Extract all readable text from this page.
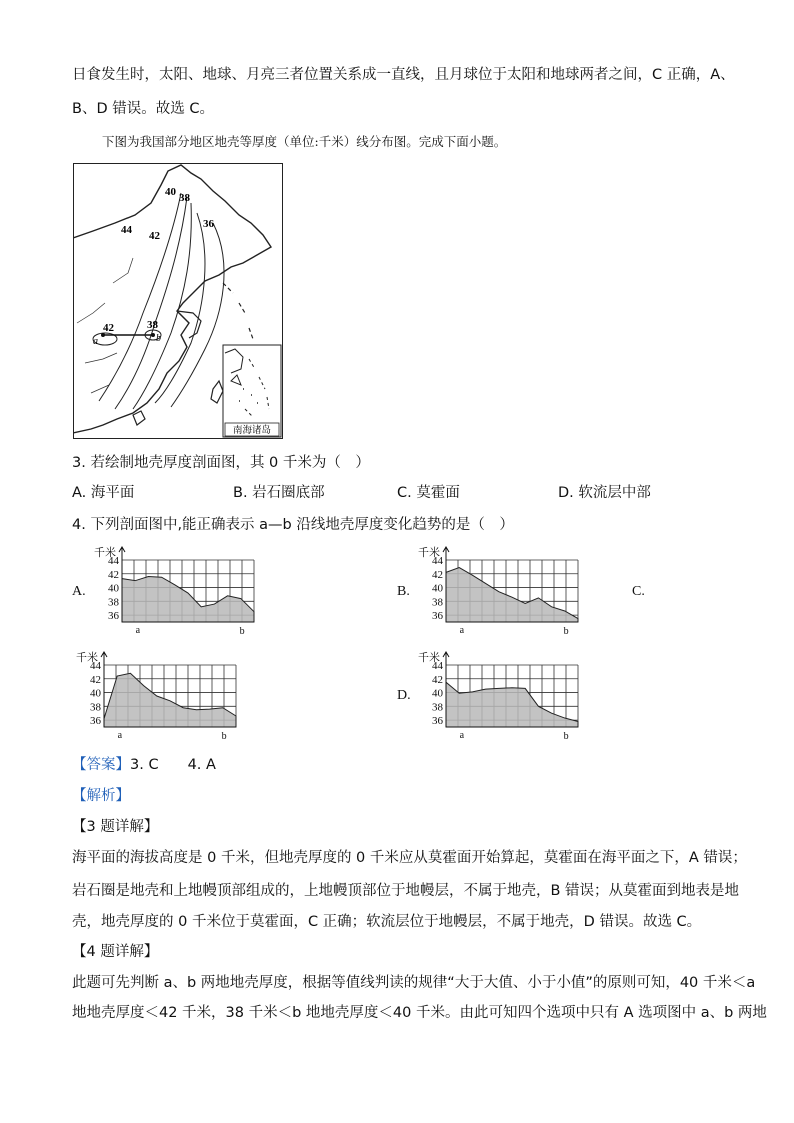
日食发生时，太阳、地球、月亮三者位置关系成一直线，且月球位于太阳和地球两者之间，C 正确，A、
B、D 错误。故选 C。
下图为我国部分地区地壳等厚度（单位:千米）线分布图。完成下面小题。
40 38
36
42
44
42	38
a	b
南海诸岛
3. 若绘制地壳厚度剖面图，其 0 千米为（　）
A. 海平面	B. 岩石圈底部	C. 莫霍面	D. 软流层中部
4. 下列剖面图中,能正确表示 a—b 沿线地壳厚度变化趋势的是（　）
A.	B.	C.
D.
44
42
40
38
36
千米
a	b
44
42
40
38
36
千米
a	b
44
42
40
38
36
千米
a	b
44
42
40
38
36
千米
a	b
【答案】3. C　　4. A
【解析】
【3 题详解】
海平面的海拔高度是 0 千米，但地壳厚度的 0 千米应从莫霍面开始算起，莫霍面在海平面之下，A 错误；
岩石圈是地壳和上地幔顶部组成的，上地幔顶部位于地幔层，不属于地壳，B 错误；从莫霍面到地表是地
壳，地壳厚度的 0 千米位于莫霍面，C 正确；软流层位于地幔层，不属于地壳，D 错误。故选 C。
【4 题详解】
此题可先判断 a、b 两地地壳厚度，根据等值线判读的规律“大于大值、小于小值”的原则可知，40 千米＜a
地地壳厚度＜42 千米，38 千米＜b 地地壳厚度＜40 千米。由此可知四个选项中只有 A 选项图中 a、b 两地
